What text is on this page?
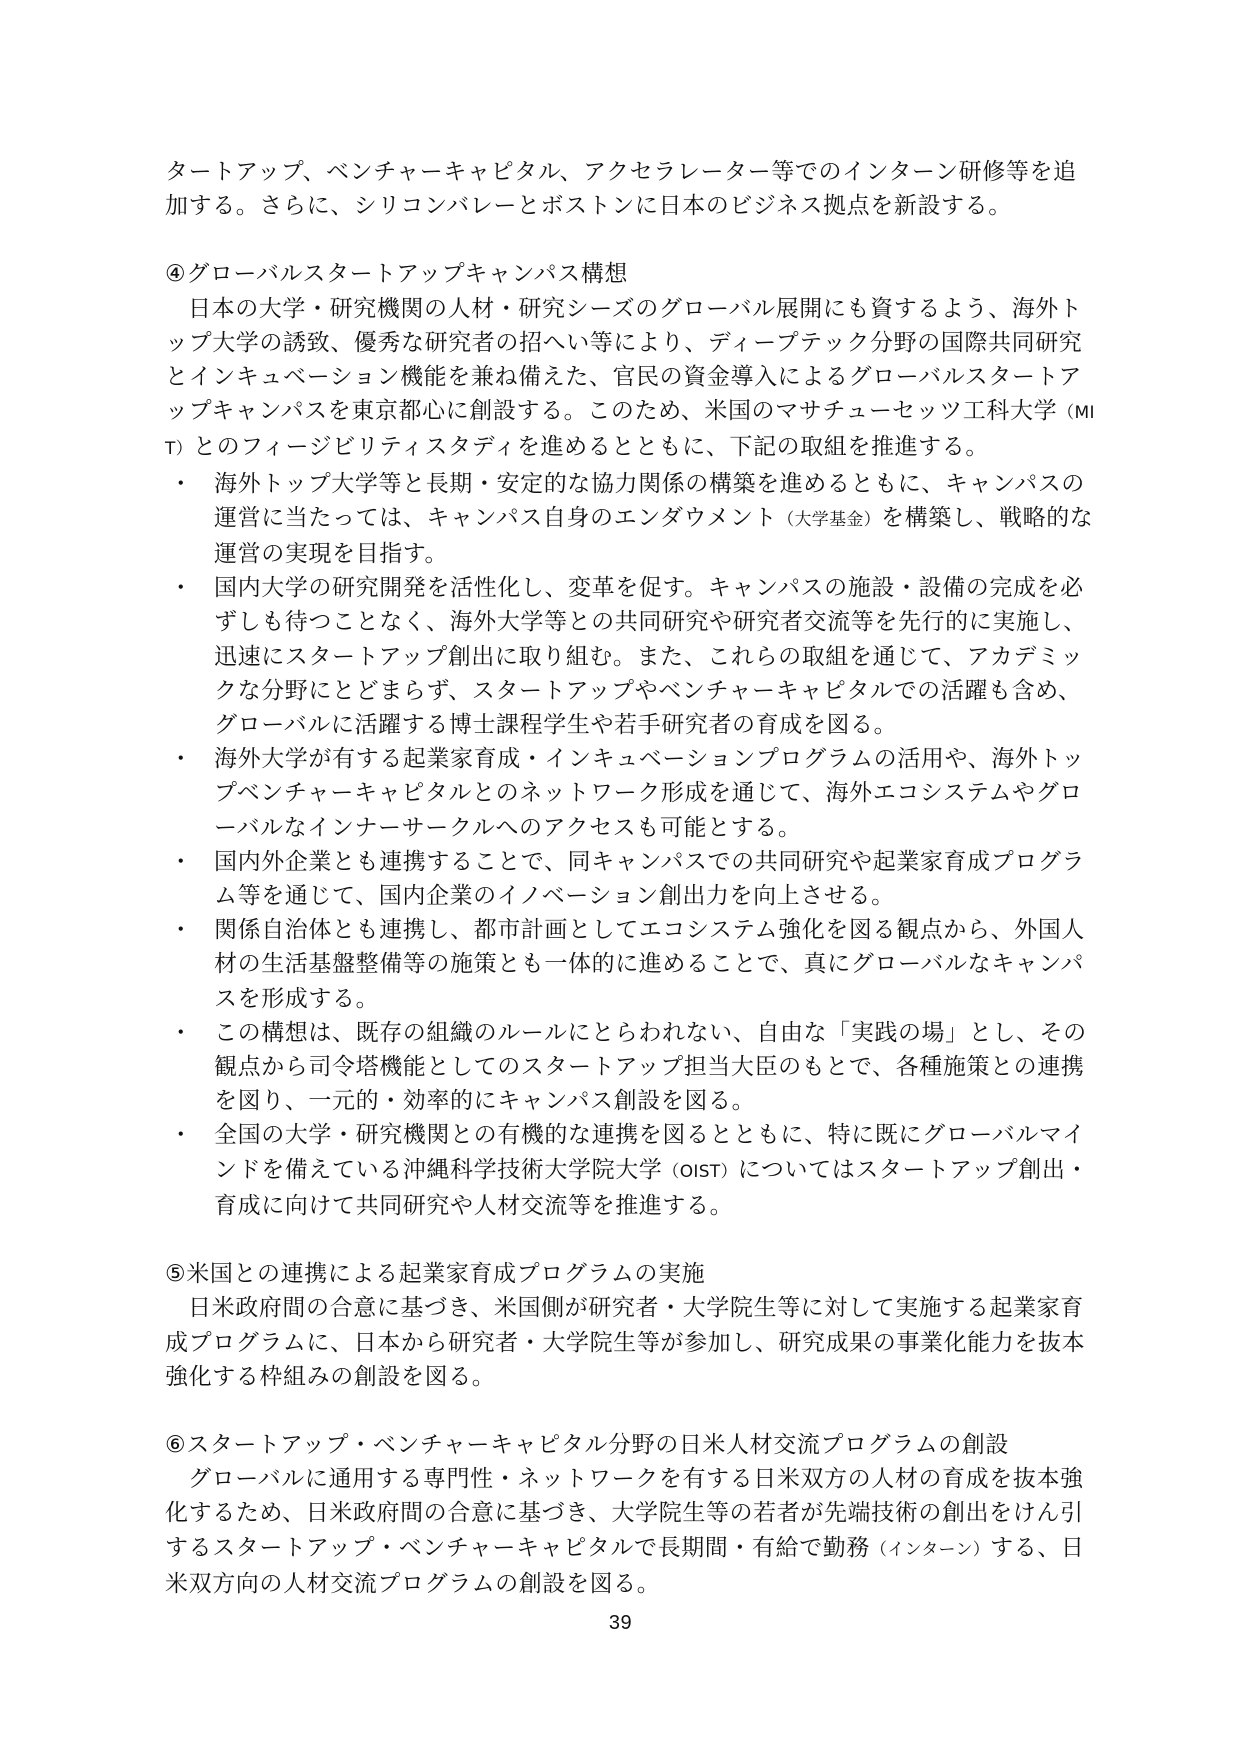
タートアップ、ベンチャーキャピタル、アクセラレーター等でのインターン研修等を追加する。さらに、シリコンバレーとボストンに日本のビジネス拠点を新設する。

④グローバルスタートアップキャンパス構想

日本の大学・研究機関の人材・研究シーズのグローバル展開にも資するよう、海外トップ大学の誘致、優秀な研究者の招へい等により、ディープテック分野の国際共同研究とインキュベーション機能を兼ね備えた、官民の資金導入によるグローバルスタートアップキャンパスを東京都心に創設する。このため、米国のマサチューセッツ工科大学（MIT）とのフィージビリティスタディを進めるとともに、下記の取組を推進する。

・ 海外トップ大学等と長期・安定的な協力関係の構築を進めるともに、キャンパスの運営に当たっては、キャンパス自身のエンダウメント（大学基金）を構築し、戦略的な運営の実現を目指す。
・ 国内大学の研究開発を活性化し、変革を促す。キャンパスの施設・設備の完成を必ずしも待つことなく、海外大学等との共同研究や研究者交流等を先行的に実施し、迅速にスタートアップ創出に取り組む。また、これらの取組を通じて、アカデミックな分野にとどまらず、スタートアップやベンチャーキャピタルでの活躍も含め、グローバルに活躍する博士課程学生や若手研究者の育成を図る。
・ 海外大学が有する起業家育成・インキュベーションプログラムの活用や、海外トップベンチャーキャピタルとのネットワーク形成を通じて、海外エコシステムやグローバルなインナーサークルへのアクセスも可能とする。
・ 国内外企業とも連携することで、同キャンパスでの共同研究や起業家育成プログラム等を通じて、国内企業のイノベーション創出力を向上させる。
・ 関係自治体とも連携し、都市計画としてエコシステム強化を図る観点から、外国人材の生活基盤整備等の施策とも一体的に進めることで、真にグローバルなキャンパスを形成する。
・ この構想は、既存の組織のルールにとらわれない、自由な「実践の場」とし、その観点から司令塔機能としてのスタートアップ担当大臣のもとで、各種施策との連携を図り、一元的・効率的にキャンパス創設を図る。
・ 全国の大学・研究機関との有機的な連携を図るとともに、特に既にグローバルマインドを備えている沖縄科学技術大学院大学（OIST）についてはスタートアップ創出・育成に向けて共同研究や人材交流等を推進する。

⑤米国との連携による起業家育成プログラムの実施

日米政府間の合意に基づき、米国側が研究者・大学院生等に対して実施する起業家育成プログラムに、日本から研究者・大学院生等が参加し、研究成果の事業化能力を抜本強化する枠組みの創設を図る。

⑥スタートアップ・ベンチャーキャピタル分野の日米人材交流プログラムの創設

グローバルに通用する専門性・ネットワークを有する日米双方の人材の育成を抜本強化するため、日米政府間の合意に基づき、大学院生等の若者が先端技術の創出をけん引するスタートアップ・ベンチャーキャピタルで長期間・有給で勤務（インターン）する、日米双方向の人材交流プログラムの創設を図る。

39
